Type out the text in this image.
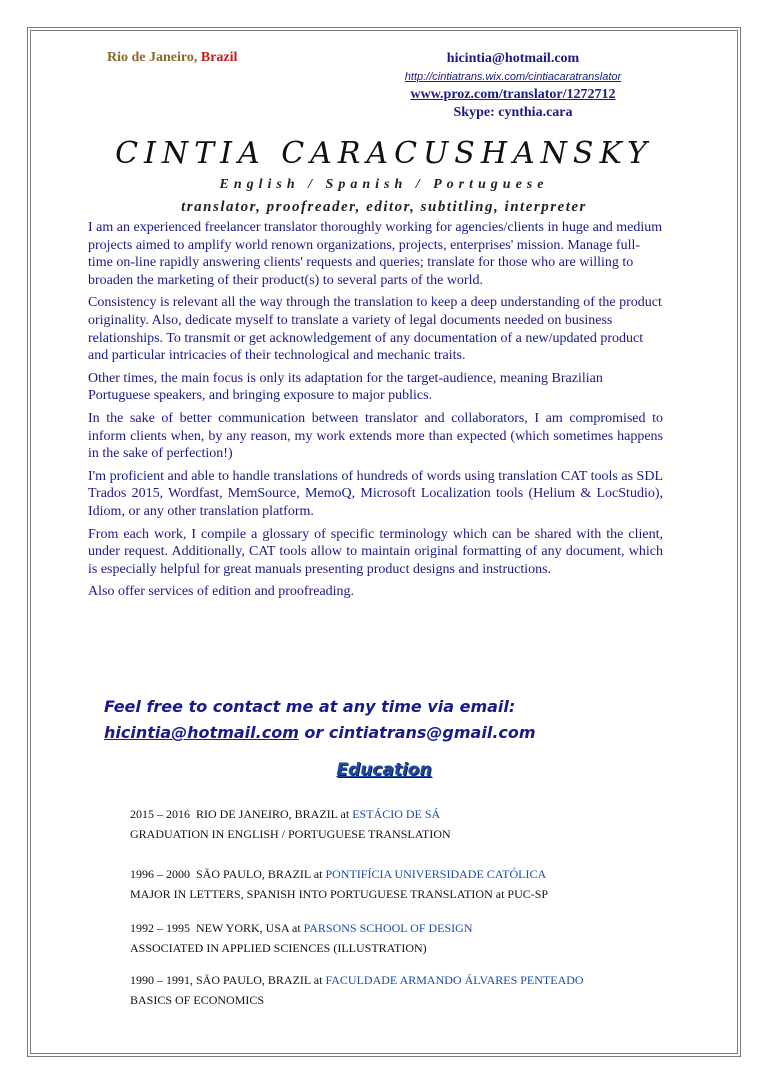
Rio de Janeiro, Brazil	hicintia@hotmail.com
http://cintiatrans.wix.com/cintiacaratranslator
www.proz.com/translator/1272712
Skype: cynthia.cara
CINTIA CARACUSHANSKY
English / Spanish / Portuguese
translator, proofreader, editor, subtitling, interpreter

I am an experienced freelancer translator thoroughly working for agencies/clients in huge and medium projects aimed to amplify world renown organizations, projects, enterprises' mission. Manage full-time on-line rapidly answering clients' requests and queries; translate for those who are willing to broaden the marketing of their product(s) to several parts of the world.

Consistency is relevant all the way through the translation to keep a deep understanding of the product originality. Also, dedicate myself to translate a variety of legal documents needed on business relationships. To transmit or get acknowledgement of any documentation of a new/updated product and particular intricacies of their technological and mechanic traits.

Other times, the main focus is only its adaptation for the target-audience, meaning Brazilian Portuguese speakers, and bringing exposure to major publics.

In the sake of better communication between translator and collaborators, I am compromised to inform clients when, by any reason, my work extends more than expected (which sometimes happens in the sake of perfection!)

I'm proficient and able to handle translations of hundreds of words using translation CAT tools as SDL Trados 2015, Wordfast, MemSource, MemoQ, Microsoft Localization tools (Helium & LocStudio), Idiom, or any other translation platform.

From each work, I compile a glossary of specific terminology which can be shared with the client, under request. Additionally, CAT tools allow to maintain original formatting of any document, which is especially helpful for great manuals presenting product designs and instructions.

Also offer services of edition and proofreading.

Feel free to contact me at any time via email:
hicintia@hotmail.com or cintiatrans@gmail.com
Education
2015 – 2016 RIO DE JANEIRO, BRAZIL at ESTÁCIO DE SÁ
GRADUATION IN ENGLISH / PORTUGUESE TRANSLATION
1996 – 2000 SÃO PAULO, BRAZIL at PONTIFÍCIA UNIVERSIDADE CATÓLICA
MAJOR IN LETTERS, SPANISH INTO PORTUGUESE TRANSLATION at PUC-SP
1992 – 1995 NEW YORK, USA at PARSONS SCHOOL OF DESIGN
ASSOCIATED IN APPLIED SCIENCES (ILLUSTRATION)
1990 – 1991, SÃO PAULO, BRAZIL at FACULDADE ARMANDO ÁLVARES PENTEADO
BASICS OF ECONOMICS
